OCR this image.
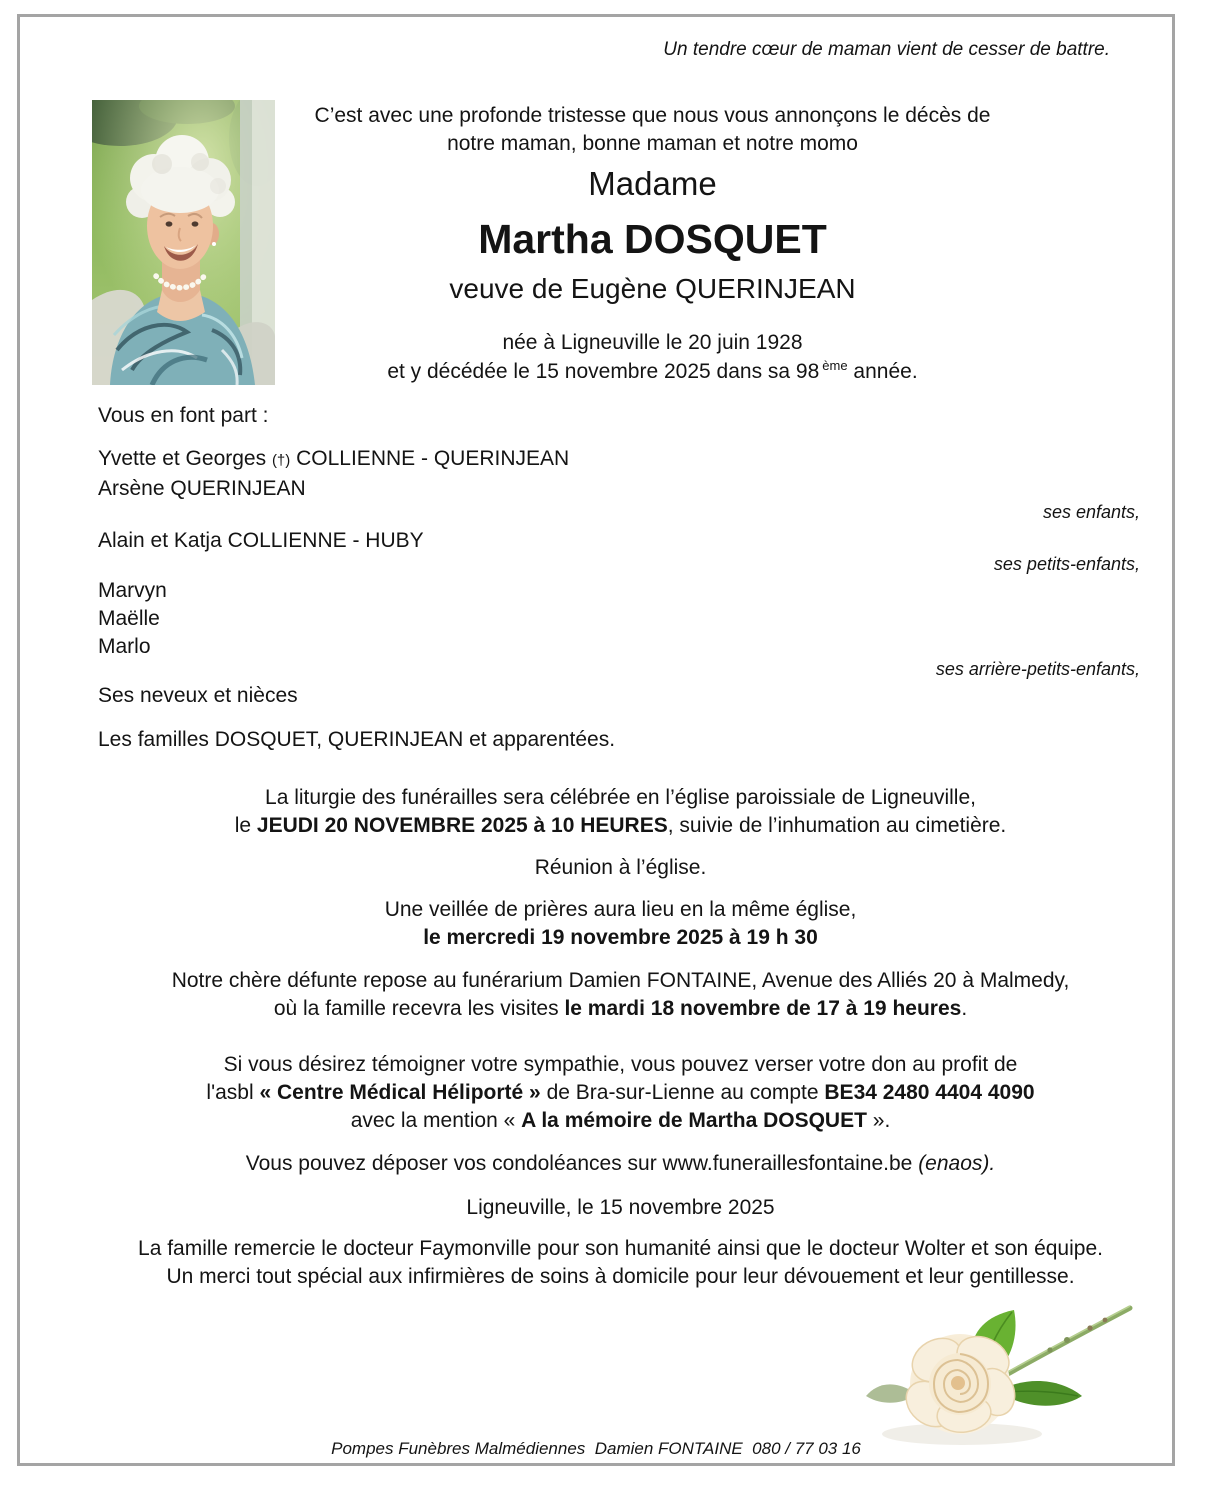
Un tendre cœur de maman vient de cesser de battre.

C’est avec une profonde tristesse que nous vous annonçons le décès de

notre maman, bonne maman et notre momo

Madame

Martha DOSQUET

veuve de Eugène QUERINJEAN

née à Ligneuville le 20 juin 1928

et y décédée le 15 novembre 2025 dans sa 98 $^{ème}$ année.

Vous en font part :

Yvette et Georges (†) COLLIENNE - QUERINJEAN

Arsène QUERINJEAN

ses enfants,

Alain et Katja COLLIENNE - HUBY

ses petits-enfants,

Marvyn

Maëlle

Marlo

ses arrière-petits-enfants,

Ses neveux et nièces

Les familles DOSQUET, QUERINJEAN et apparentées.

La liturgie des funérailles sera célébrée en l’église paroissiale de Ligneuville,

le JEUDI 20 NOVEMBRE 2025 à 10 HEURES, suivie de l’inhumation au cimetière.

Réunion à l’église.

Une veillée de prières aura lieu en la même église,

le mercredi 19 novembre 2025 à 19 h 30

Notre chère défunte repose au funérarium Damien FONTAINE, Avenue des Alliés 20 à Malmedy,

où la famille recevra les visites le mardi 18 novembre de 17 à 19 heures.

Si vous désirez témoigner votre sympathie, vous pouvez verser votre don au profit de

l'asbl « Centre Médical Héliporté » de Bra-sur-Lienne au compte BE34 2480 4404 4090

avec la mention « A la mémoire de Martha DOSQUET ».

Vous pouvez déposer vos condoléances sur www.funeraillesfontaine.be (enaos).

Ligneuville, le 15 novembre 2025

La famille remercie le docteur Faymonville pour son humanité ainsi que le docteur Wolter et son équipe.

Un merci tout spécial aux infirmières de soins à domicile pour leur dévouement et leur gentillesse.

Pompes Funèbres Malmédiennes  Damien FONTAINE  080 / 77 03 16
